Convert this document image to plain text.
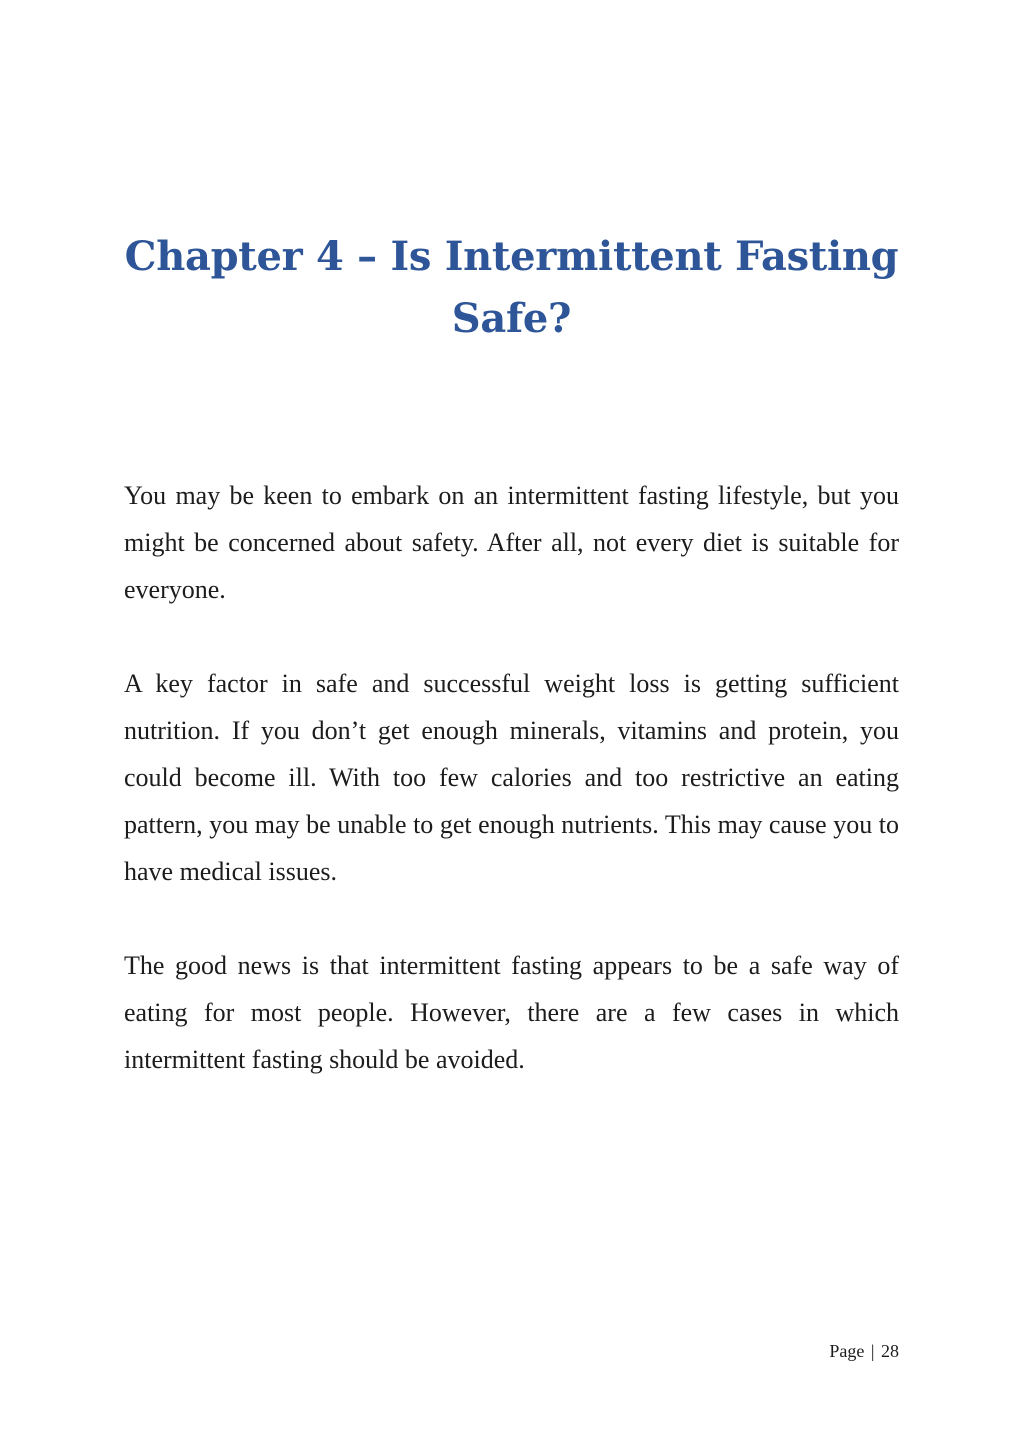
Chapter 4 – Is Intermittent Fasting Safe?

You may be keen to embark on an intermittent fasting lifestyle, but you might be concerned about safety. After all, not every diet is suitable for everyone.

A key factor in safe and successful weight loss is getting sufficient nutrition. If you don’t get enough minerals, vitamins and protein, you could become ill. With too few calories and too restrictive an eating pattern, you may be unable to get enough nutrients. This may cause you to have medical issues.

The good news is that intermittent fasting appears to be a safe way of eating for most people. However, there are a few cases in which intermittent fasting should be avoided.

Page | 28
